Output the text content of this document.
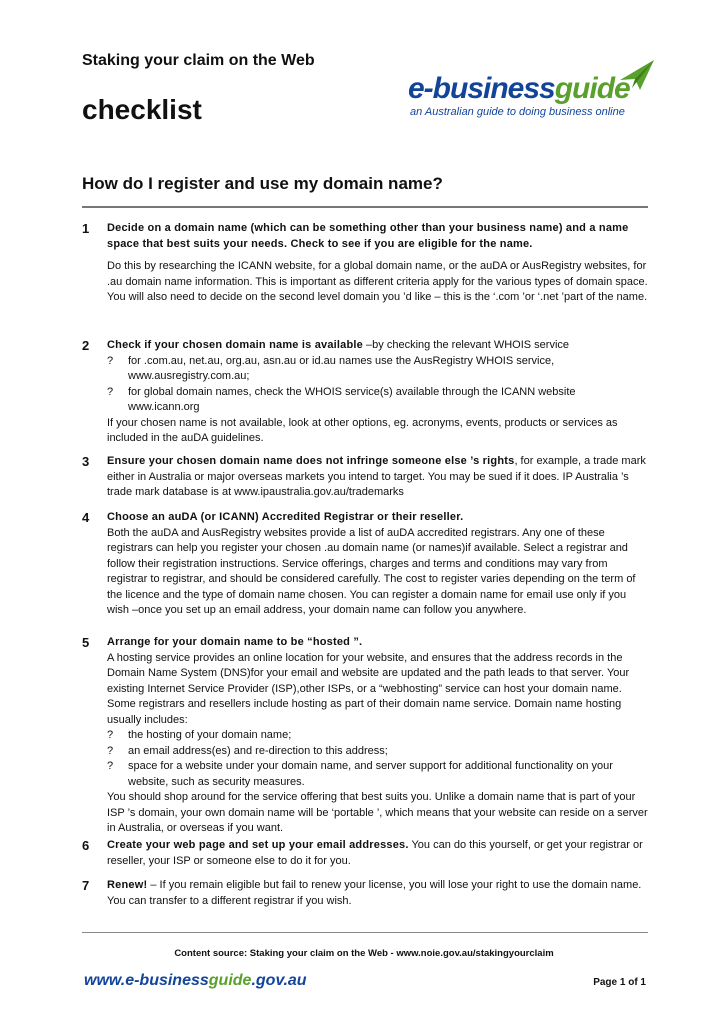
Staking your claim on the Web
checklist
e-businessguide
an Australian guide to doing business online
How do I register and use my domain name?
1 Decide on a domain name (which can be something other than your business name) and a name space that best suits your needs. Check to see if you are eligible for the name.

Do this by researching the ICANN website, for a global domain name, or the auDA or AusRegistry websites, for .au domain name information. This is important as different criteria apply for the various types of domain space. You will also need to decide on the second level domain you ’d like – this is the ‘.com ’or ‘.net ’part of the name.

2 Check if your chosen domain name is available –by checking the relevant WHOIS service

? for .com.au, net.au, org.au, asn.au or id.au names use the AusRegistry WHOIS service, www.ausregistry.com.au;
? for global domain names, check the WHOIS service(s) available through the ICANN website www.icann.org
If your chosen name is not available, look at other options, eg. acronyms, events, products or services as included in the auDA guidelines.
3 Ensure your chosen domain name does not infringe someone else ’s rights, for example, a trade mark either in Australia or major overseas markets you intend to target. You may be sued if it does. IP Australia ’s trade mark database is at www.ipaustralia.gov.au/trademarks

4 Choose an auDA (or ICANN) Accredited Registrar or their reseller.
Both the auDA and AusRegistry websites provide a list of auDA accredited registrars. Any one of these registrars can help you register your chosen .au domain name (or names)if available. Select a registrar and follow their registration instructions. Service offerings, charges and terms and conditions may vary from registrar to registrar, and should be considered carefully. The cost to register varies depending on the term of the licence and the type of domain name chosen. You can register a domain name for email use only if you wish –once you set up an email address, your domain name can follow you anywhere.
5 Arrange for your domain name to be “hosted ”.
A hosting service provides an online location for your website, and ensures that the address records in the Domain Name System (DNS)for your email and website are updated and the path leads to that server. Your existing Internet Service Provider (ISP),other ISPs, or a “webhosting” service can host your domain name. Some registrars and resellers include hosting as part of their domain name service. Domain name hosting usually includes:
? the hosting of your domain name;
? an email address(es) and re-direction to this address;
? space for a website under your domain name, and server support for additional functionality on your website, such as security measures.
You should shop around for the service offering that best suits you. Unlike a domain name that is part of your ISP ’s domain, your own domain name will be ‘portable ’, which means that your website can reside on a server in Australia, or overseas if you want.
6 Create your web page and set up your email addresses. You can do this yourself, or get your registrar or reseller, your ISP or someone else to do it for you.

7 Renew! – If you remain eligible but fail to renew your license, you will lose your right to use the domain name. You can transfer to a different registrar if you wish.

Content source: Staking your claim on the Web - www.noie.gov.au/stakingyourclaim
www.e-businessguide.gov.au	Page 1 of 1
